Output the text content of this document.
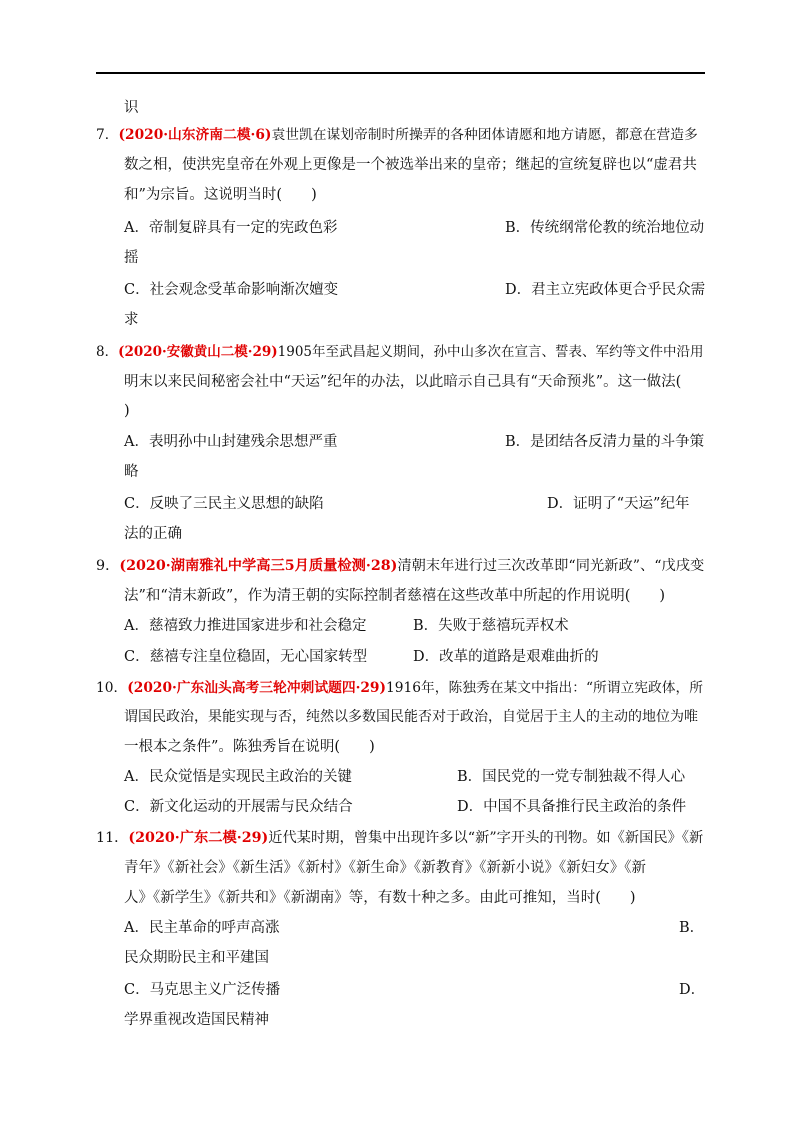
识
7．(2020·山东济南二模·6)袁世凯在谋划帝制时所操弄的各种团体请愿和地方请愿，都意在营造多
数之相，使洪宪皇帝在外观上更像是一个被选举出来的皇帝；继起的宣统复辟也以“虚君共
和”为宗旨。这说明当时(　　)
A．帝制复辟具有一定的宪政色彩	B．传统纲常伦教的统治地位动
摇
C．社会观念受革命影响渐次嬗变	D．君主立宪政体更合乎民众需
求
8．(2020·安徽黄山二模·29)1905年至武昌起义期间，孙中山多次在宣言、誓表、军约等文件中沿用
明末以来民间秘密会社中“天运”纪年的办法，以此暗示自己具有“天命预兆”。这一做法(
)
A．表明孙中山封建残余思想严重	B．是团结各反清力量的斗争策
略
C．反映了三民主义思想的缺陷	D．证明了“天运”纪年
法的正确
9．(2020·湖南雅礼中学高三5月质量检测·28)清朝末年进行过三次改革即“同光新政”、“戊戌变
法”和“清末新政”，作为清王朝的实际控制者慈禧在这些改革中所起的作用说明(　　)
A．慈禧致力推进国家进步和社会稳定	B．失败于慈禧玩弄权术
C．慈禧专注皇位稳固，无心国家转型	D．改革的道路是艰难曲折的
10．(2020·广东汕头高考三轮冲刺试题四·29)1916年，陈独秀在某文中指出：“所谓立宪政体，所
谓国民政治，果能实现与否，纯然以多数国民能否对于政治，自觉居于主人的主动的地位为唯
一根本之条件”。陈独秀旨在说明(　　)
A．民众觉悟是实现民主政治的关键	B．国民党的一党专制独裁不得人心
C．新文化运动的开展需与民众结合	D．中国不具备推行民主政治的条件
11．(2020·广东二模·29)近代某时期，曾集中出现许多以“新”字开头的刊物。如《新国民》《新
青年》《新社会》《新生活》《新村》《新生命》《新教育》《新新小说》《新妇女》《新
人》《新学生》《新共和》《新湖南》等，有数十种之多。由此可推知，当时(　　)
A．民主革命的呼声高涨	B．
民众期盼民主和平建国
C．马克思主义广泛传播	D．
学界重视改造国民精神
